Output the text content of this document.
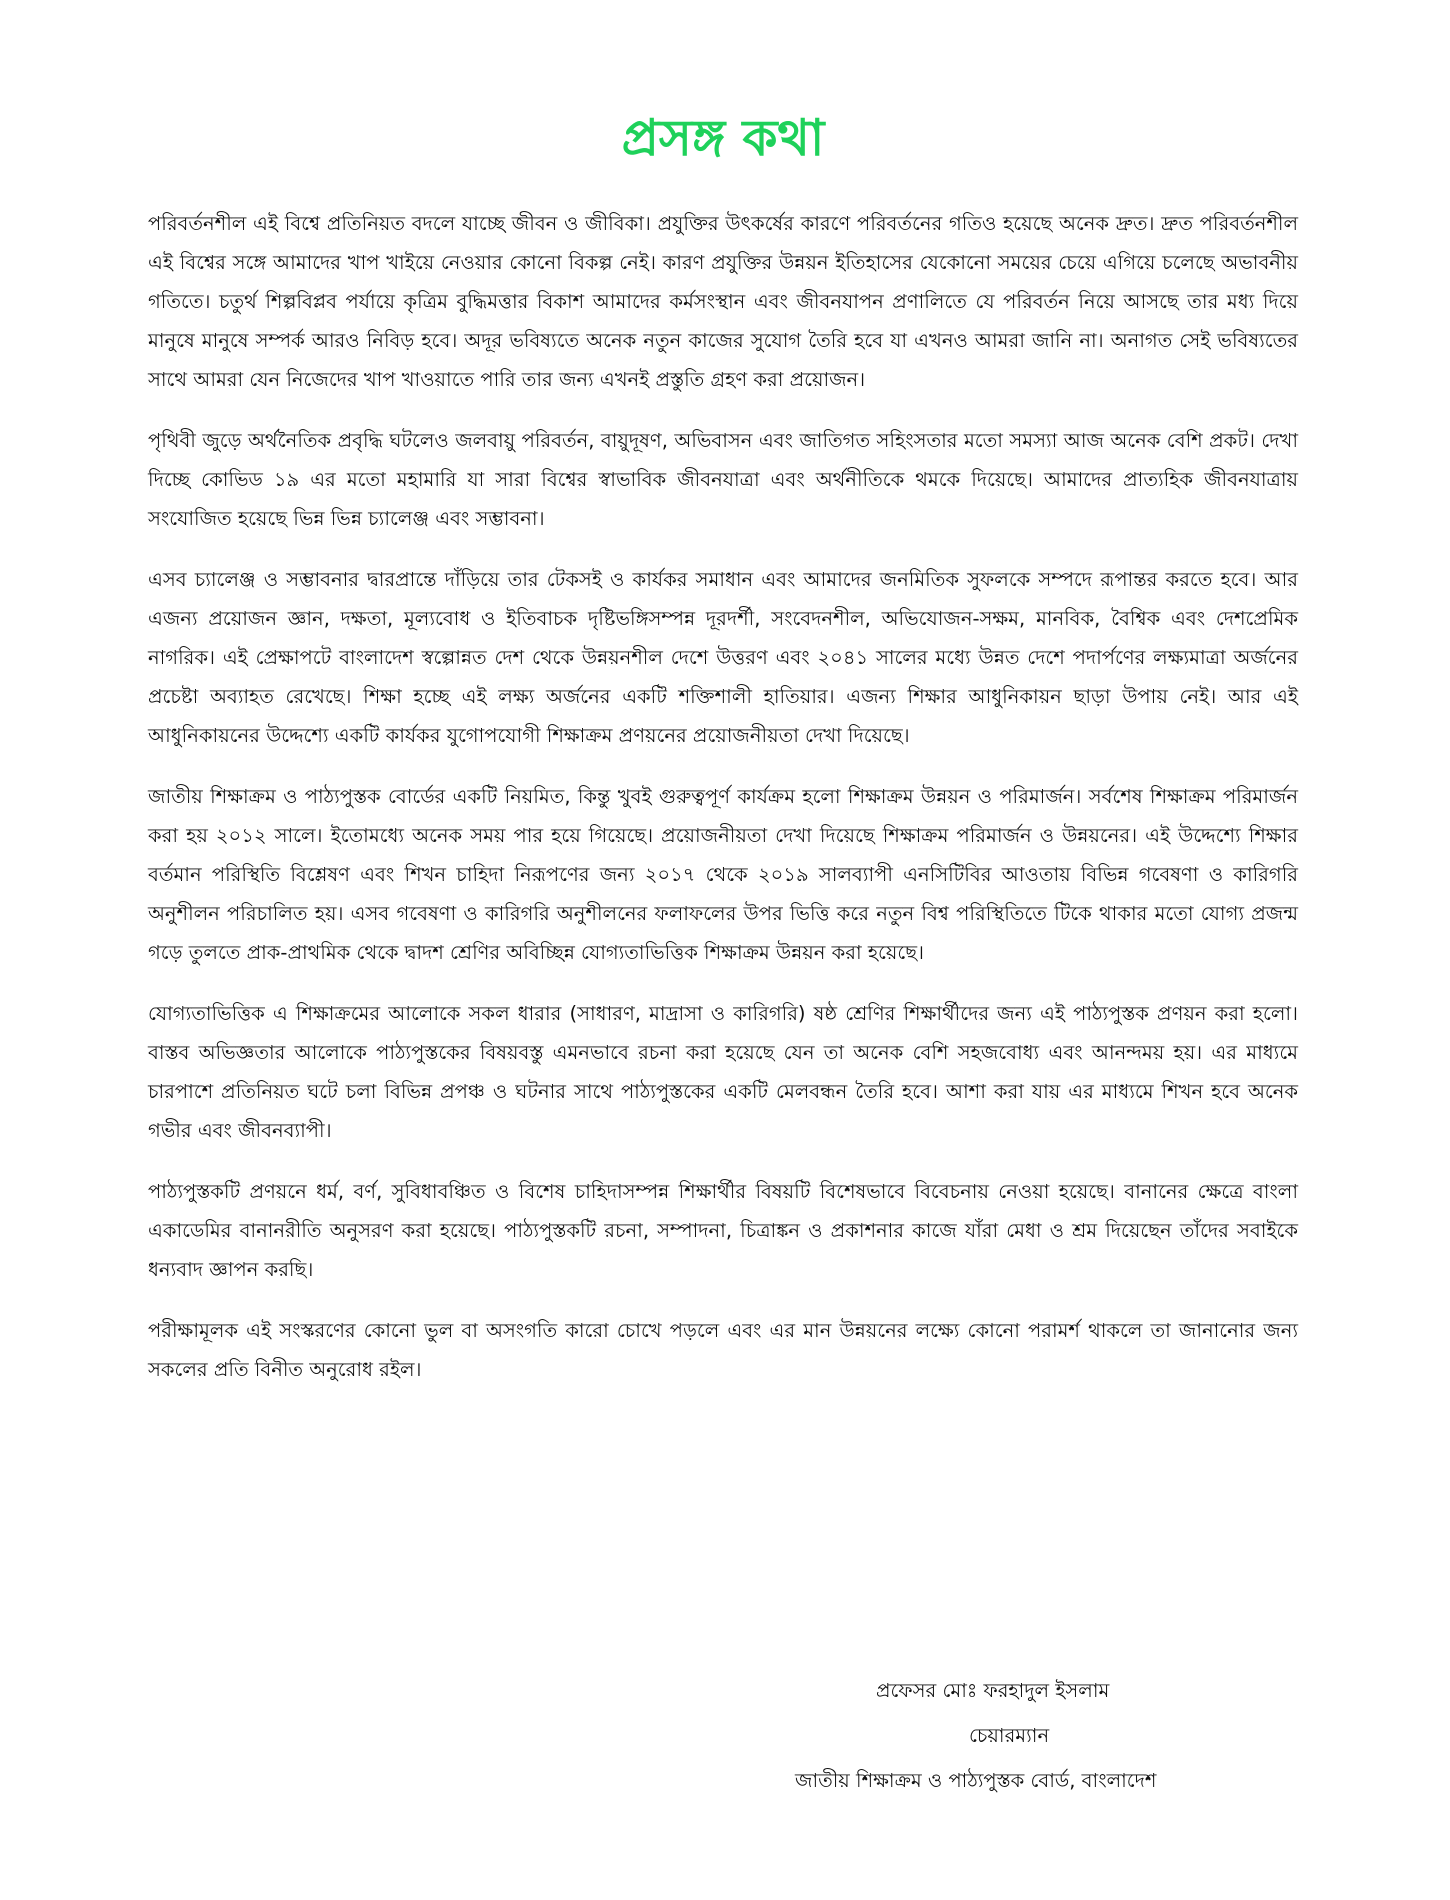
প্রসঙ্গ কথা

পরিবর্তনশীল এই বিশ্বে প্রতিনিয়ত বদলে যাচ্ছে জীবন ও জীবিকা। প্রযুক্তির উৎকর্ষের কারণে পরিবর্তনের গতিও হয়েছে অনেক দ্রুত। দ্রুত পরিবর্তনশীল এই বিশ্বের সঙ্গে আমাদের খাপ খাইয়ে নেওয়ার কোনো বিকল্প নেই। কারণ প্রযুক্তির উন্নয়ন ইতিহাসের যেকোনো সময়ের চেয়ে এগিয়ে চলেছে অভাবনীয় গতিতে। চতুর্থ শিল্পবিপ্লব পর্যায়ে কৃত্রিম বুদ্ধিমত্তার বিকাশ আমাদের কর্মসংস্থান এবং জীবনযাপন প্রণালিতে যে পরিবর্তন নিয়ে আসছে তার মধ্য দিয়ে মানুষে মানুষে সম্পর্ক আরও নিবিড় হবে। অদূর ভবিষ্যতে অনেক নতুন কাজের সুযোগ তৈরি হবে যা এখনও আমরা জানি না। অনাগত সেই ভবিষ্যতের সাথে আমরা যেন নিজেদের খাপ খাওয়াতে পারি তার জন্য এখনই প্রস্তুতি গ্রহণ করা প্রয়োজন।

পৃথিবী জুড়ে অর্থনৈতিক প্রবৃদ্ধি ঘটলেও জলবায়ু পরিবর্তন, বায়ুদূষণ, অভিবাসন এবং জাতিগত সহিংসতার মতো সমস্যা আজ অনেক বেশি প্রকট। দেখা দিচ্ছে কোভিড ১৯ এর মতো মহামারি যা সারা বিশ্বের স্বাভাবিক জীবনযাত্রা এবং অর্থনীতিকে থমকে দিয়েছে। আমাদের প্রাত্যহিক জীবনযাত্রায় সংযোজিত হয়েছে ভিন্ন ভিন্ন চ্যালেঞ্জ এবং সম্ভাবনা।

এসব চ্যালেঞ্জ ও সম্ভাবনার দ্বারপ্রান্তে দাঁড়িয়ে তার টেকসই ও কার্যকর সমাধান এবং আমাদের জনমিতিক সুফলকে সম্পদে রূপান্তর করতে হবে। আর এজন্য প্রয়োজন জ্ঞান, দক্ষতা, মূল্যবোধ ও ইতিবাচক দৃষ্টিভঙ্গিসম্পন্ন দূরদর্শী, সংবেদনশীল, অভিযোজন-সক্ষম, মানবিক, বৈশ্বিক এবং দেশপ্রেমিক নাগরিক। এই প্রেক্ষাপটে বাংলাদেশ স্বল্পোন্নত দেশ থেকে উন্নয়নশীল দেশে উত্তরণ এবং ২০৪১ সালের মধ্যে উন্নত দেশে পদার্পণের লক্ষ্যমাত্রা অর্জনের প্রচেষ্টা অব্যাহত রেখেছে। শিক্ষা হচ্ছে এই লক্ষ্য অর্জনের একটি শক্তিশালী হাতিয়ার। এজন্য শিক্ষার আধুনিকায়ন ছাড়া উপায় নেই। আর এই আধুনিকায়নের উদ্দেশ্যে একটি কার্যকর যুগোপযোগী শিক্ষাক্রম প্রণয়নের প্রয়োজনীয়তা দেখা দিয়েছে।

জাতীয় শিক্ষাক্রম ও পাঠ্যপুস্তক বোর্ডের একটি নিয়মিত, কিন্তু খুবই গুরুত্বপূর্ণ কার্যক্রম হলো শিক্ষাক্রম উন্নয়ন ও পরিমার্জন। সর্বশেষ শিক্ষাক্রম পরিমার্জন করা হয় ২০১২ সালে। ইতোমধ্যে অনেক সময় পার হয়ে গিয়েছে। প্রয়োজনীয়তা দেখা দিয়েছে শিক্ষাক্রম পরিমার্জন ও উন্নয়নের। এই উদ্দেশ্যে শিক্ষার বর্তমান পরিস্থিতি বিশ্লেষণ এবং শিখন চাহিদা নিরূপণের জন্য ২০১৭ থেকে ২০১৯ সালব্যাপী এনসিটিবির আওতায় বিভিন্ন গবেষণা ও কারিগরি অনুশীলন পরিচালিত হয়। এসব গবেষণা ও কারিগরি অনুশীলনের ফলাফলের উপর ভিত্তি করে নতুন বিশ্ব পরিস্থিতিতে টিকে থাকার মতো যোগ্য প্রজন্ম গড়ে তুলতে প্রাক-প্রাথমিক থেকে দ্বাদশ শ্রেণির অবিচ্ছিন্ন যোগ্যতাভিত্তিক শিক্ষাক্রম উন্নয়ন করা হয়েছে।

যোগ্যতাভিত্তিক এ শিক্ষাক্রমের আলোকে সকল ধারার (সাধারণ, মাদ্রাসা ও কারিগরি) ষষ্ঠ শ্রেণির শিক্ষার্থীদের জন্য এই পাঠ্যপুস্তক প্রণয়ন করা হলো। বাস্তব অভিজ্ঞতার আলোকে পাঠ্যপুস্তকের বিষয়বস্তু এমনভাবে রচনা করা হয়েছে যেন তা অনেক বেশি সহজবোধ্য এবং আনন্দময় হয়। এর মাধ্যমে চারপাশে প্রতিনিয়ত ঘটে চলা বিভিন্ন প্রপঞ্চ ও ঘটনার সাথে পাঠ্যপুস্তকের একটি মেলবন্ধন তৈরি হবে। আশা করা যায় এর মাধ্যমে শিখন হবে অনেক গভীর এবং জীবনব্যাপী।

পাঠ্যপুস্তকটি প্রণয়নে ধর্ম, বর্ণ, সুবিধাবঞ্চিত ও বিশেষ চাহিদাসম্পন্ন শিক্ষার্থীর বিষয়টি বিশেষভাবে বিবেচনায় নেওয়া হয়েছে। বানানের ক্ষেত্রে বাংলা একাডেমির বানানরীতি অনুসরণ করা হয়েছে। পাঠ্যপুস্তকটি রচনা, সম্পাদনা, চিত্রাঙ্কন ও প্রকাশনার কাজে যাঁরা মেধা ও শ্রম দিয়েছেন তাঁদের সবাইকে ধন্যবাদ জ্ঞাপন করছি।

পরীক্ষামূলক এই সংস্করণের কোনো ভুল বা অসংগতি কারো চোখে পড়লে এবং এর মান উন্নয়নের লক্ষ্যে কোনো পরামর্শ থাকলে তা জানানোর জন্য সকলের প্রতি বিনীত অনুরোধ রইল।

প্রফেসর মোঃ ফরহাদুল ইসলাম
চেয়ারম্যান
জাতীয় শিক্ষাক্রম ও পাঠ্যপুস্তক বোর্ড, বাংলাদেশ
